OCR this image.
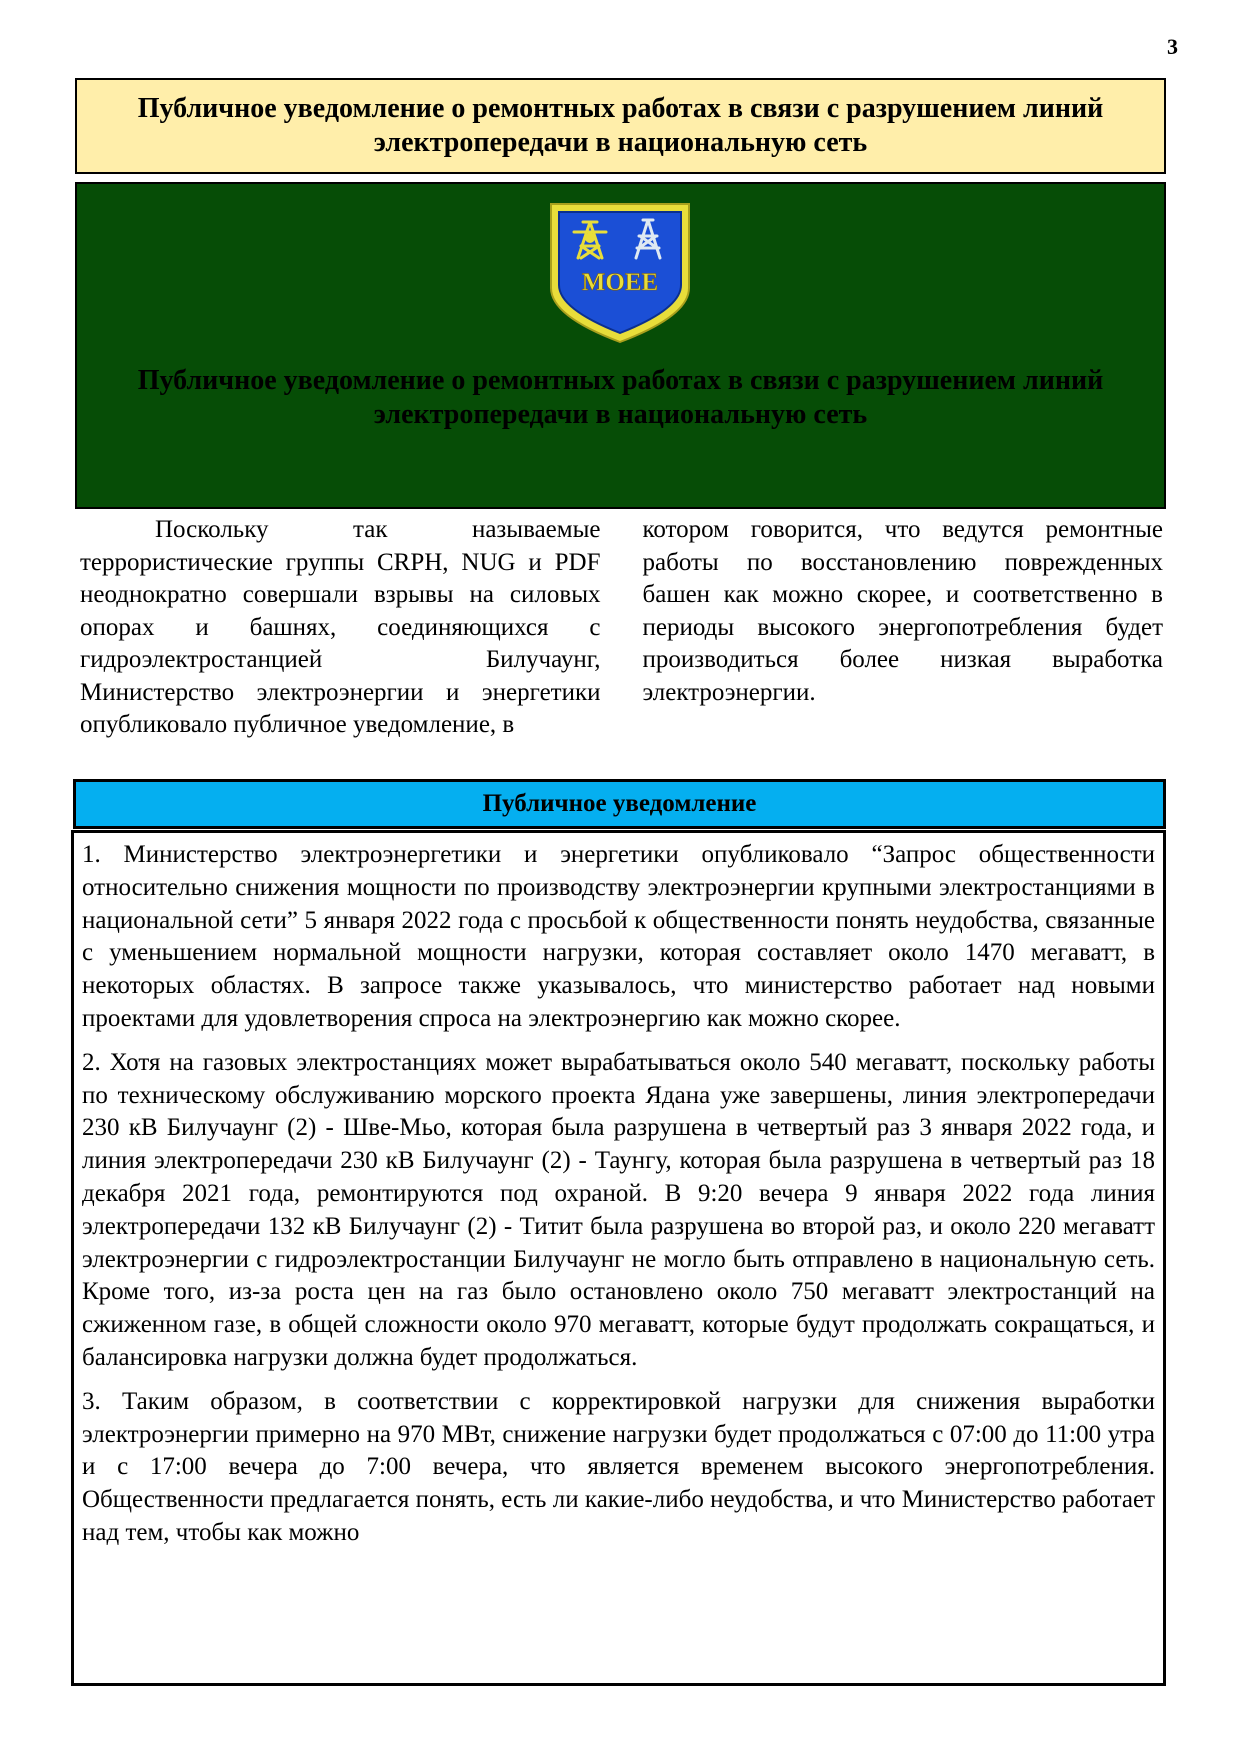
3
Публичное уведомление о ремонтных работах в связи с разрушением линий электропередачи в национальную сеть
MOEE
Публичное уведомление о ремонтных работах в связи с разрушением линий электропередачи в национальную сеть

Поскольку так называемые террористические группы CRPH, NUG и PDF неоднократно совершали взрывы на силовых опорах и башнях, соединяющихся с гидроэлектростанцией Билучаунг, Министерство электроэнергии и энергетики опубликовало публичное уведомление, в

котором говорится, что ведутся ремонтные работы по восстановлению поврежденных башен как можно скорее, и соответственно в периоды высокого энергопотребления будет производиться более низкая выработка электроэнергии.

Публичное уведомление

1. Министерство электроэнергетики и энергетики опубликовало “Запрос общественности относительно снижения мощности по производству электроэнергии крупными электростанциями в национальной сети” 5 января 2022 года с просьбой к общественности понять неудобства, связанные с уменьшением нормальной мощности нагрузки, которая составляет около 1470 мегаватт, в некоторых областях. В запросе также указывалось, что министерство работает над новыми проектами для удовлетворения спроса на электроэнергию как можно скорее.

2. Хотя на газовых электростанциях может вырабатываться около 540 мегаватт, поскольку работы по техническому обслуживанию морского проекта Ядана уже завершены, линия электропередачи 230 кВ Билучаунг (2) - Шве-Мьо, которая была разрушена в четвертый раз 3 января 2022 года, и линия электропередачи 230 кВ Билучаунг (2) - Таунгу, которая была разрушена в четвертый раз 18 декабря 2021 года, ремонтируются под охраной. В 9:20 вечера 9 января 2022 года линия электропередачи 132 кВ Билучаунг (2) - Титит была разрушена во второй раз, и около 220 мегаватт электроэнергии с гидроэлектростанции Билучаунг не могло быть отправлено в национальную сеть. Кроме того, из-за роста цен на газ было остановлено около 750 мегаватт электростанций на сжиженном газе, в общей сложности около 970 мегаватт, которые будут продолжать сокращаться, и балансировка нагрузки должна будет продолжаться.

3. Таким образом, в соответствии с корректировкой нагрузки для снижения выработки электроэнергии примерно на 970 МВт, снижение нагрузки будет продолжаться с 07:00 до 11:00 утра и с 17:00 вечера до 7:00 вечера, что является временем высокого энергопотребления. Общественности предлагается понять, есть ли какие-либо неудобства, и что Министерство работает над тем, чтобы как можно
